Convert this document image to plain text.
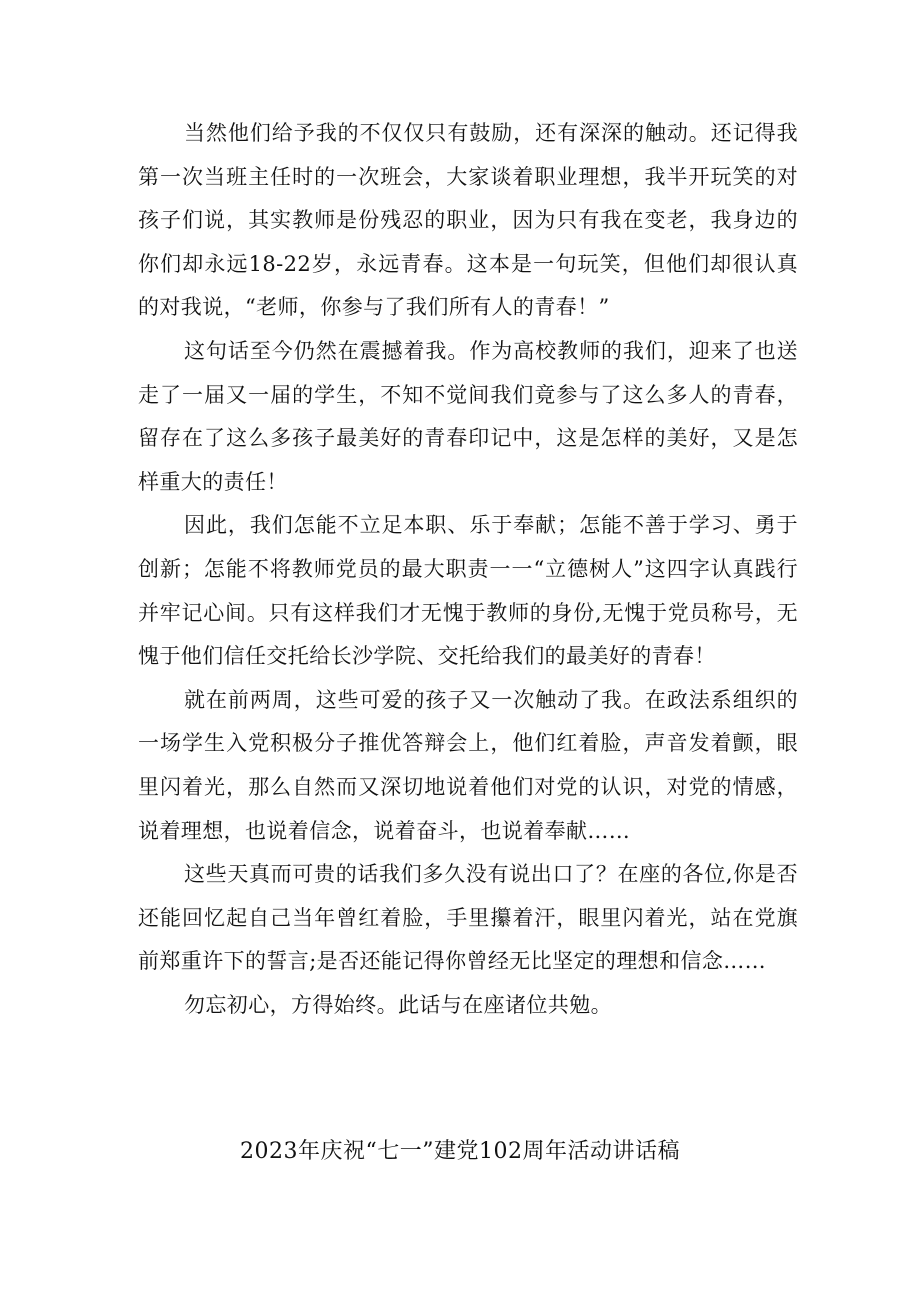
当然他们给予我的不仅仅只有鼓励，还有深深的触动。还记得我第一次当班主任时的一次班会，大家谈着职业理想，我半开玩笑的对孩子们说，其实教师是份残忍的职业，因为只有我在变老，我身边的你们却永远18-22岁，永远青春。这本是一句玩笑，但他们却很认真的对我说，“老师，你参与了我们所有人的青春！”

这句话至今仍然在震撼着我。作为高校教师的我们，迎来了也送走了一届又一届的学生，不知不觉间我们竟参与了这么多人的青春，留存在了这么多孩子最美好的青春印记中，这是怎样的美好，又是怎样重大的责任！

因此，我们怎能不立足本职、乐于奉献；怎能不善于学习、勇于创新；怎能不将教师党员的最大职责一一“立德树人”这四字认真践行并牢记心间。只有这样我们才无愧于教师的身份,无愧于党员称号，无愧于他们信任交托给长沙学院、交托给我们的最美好的青春！

就在前两周，这些可爱的孩子又一次触动了我。在政法系组织的一场学生入党积极分子推优答辩会上，他们红着脸，声音发着颤，眼里闪着光，那么自然而又深切地说着他们对党的认识，对党的情感，说着理想，也说着信念，说着奋斗，也说着奉献……

这些天真而可贵的话我们多久没有说出口了？在座的各位,你是否还能回忆起自己当年曾红着脸，手里攥着汗，眼里闪着光，站在党旗前郑重许下的誓言;是否还能记得你曾经无比坚定的理想和信念……

勿忘初心，方得始终。此话与在座诸位共勉。

2023年庆祝“七一”建党102周年活动讲话稿
